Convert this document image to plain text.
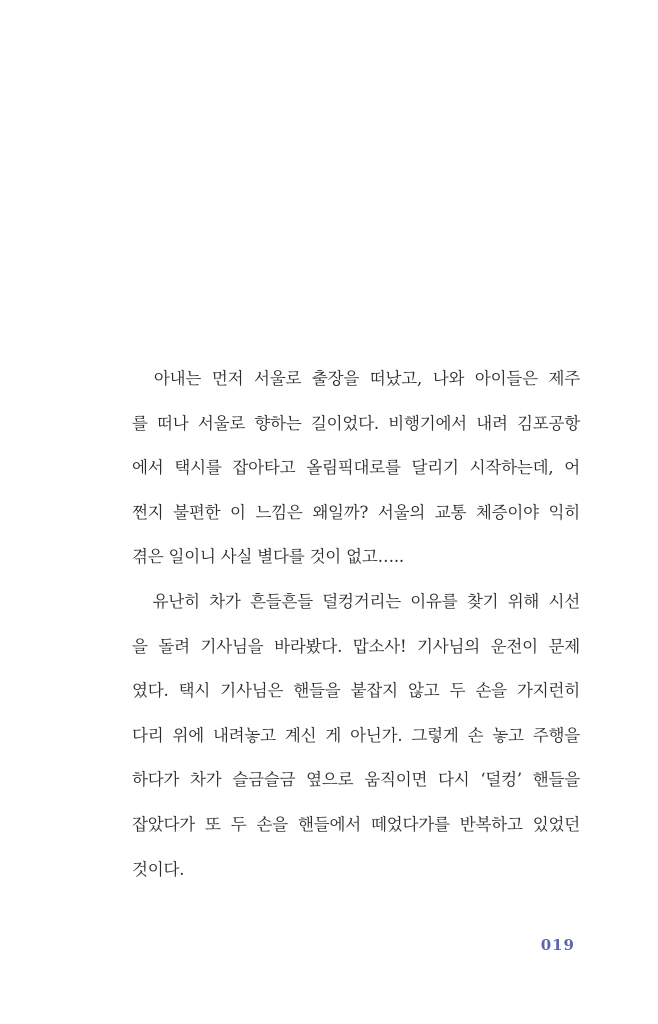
　아내는 먼저 서울로 출장을 떠났고, 나와 아이들은 제주
를 떠나 서울로 향하는 길이었다. 비행기에서 내려 김포공항
에서 택시를 잡아타고 올림픽대로를 달리기 시작하는데, 어
쩐지 불편한 이 느낌은 왜일까? 서울의 교통 체증이야 익히
겪은 일이니 사실 별다를 것이 없고…..

　유난히 차가 흔들흔들 덜컹거리는 이유를 찾기 위해 시선
을 돌려 기사님을 바라봤다. 맙소사! 기사님의 운전이 문제
였다. 택시 기사님은 핸들을 붙잡지 않고 두 손을 가지런히
다리 위에 내려놓고 계신 게 아닌가. 그렇게 손 놓고 주행을
하다가 차가 슬금슬금 옆으로 움직이면 다시 ‘덜컹’ 핸들을
잡았다가 또 두 손을 핸들에서 떼었다가를 반복하고 있었던
것이다.

019
